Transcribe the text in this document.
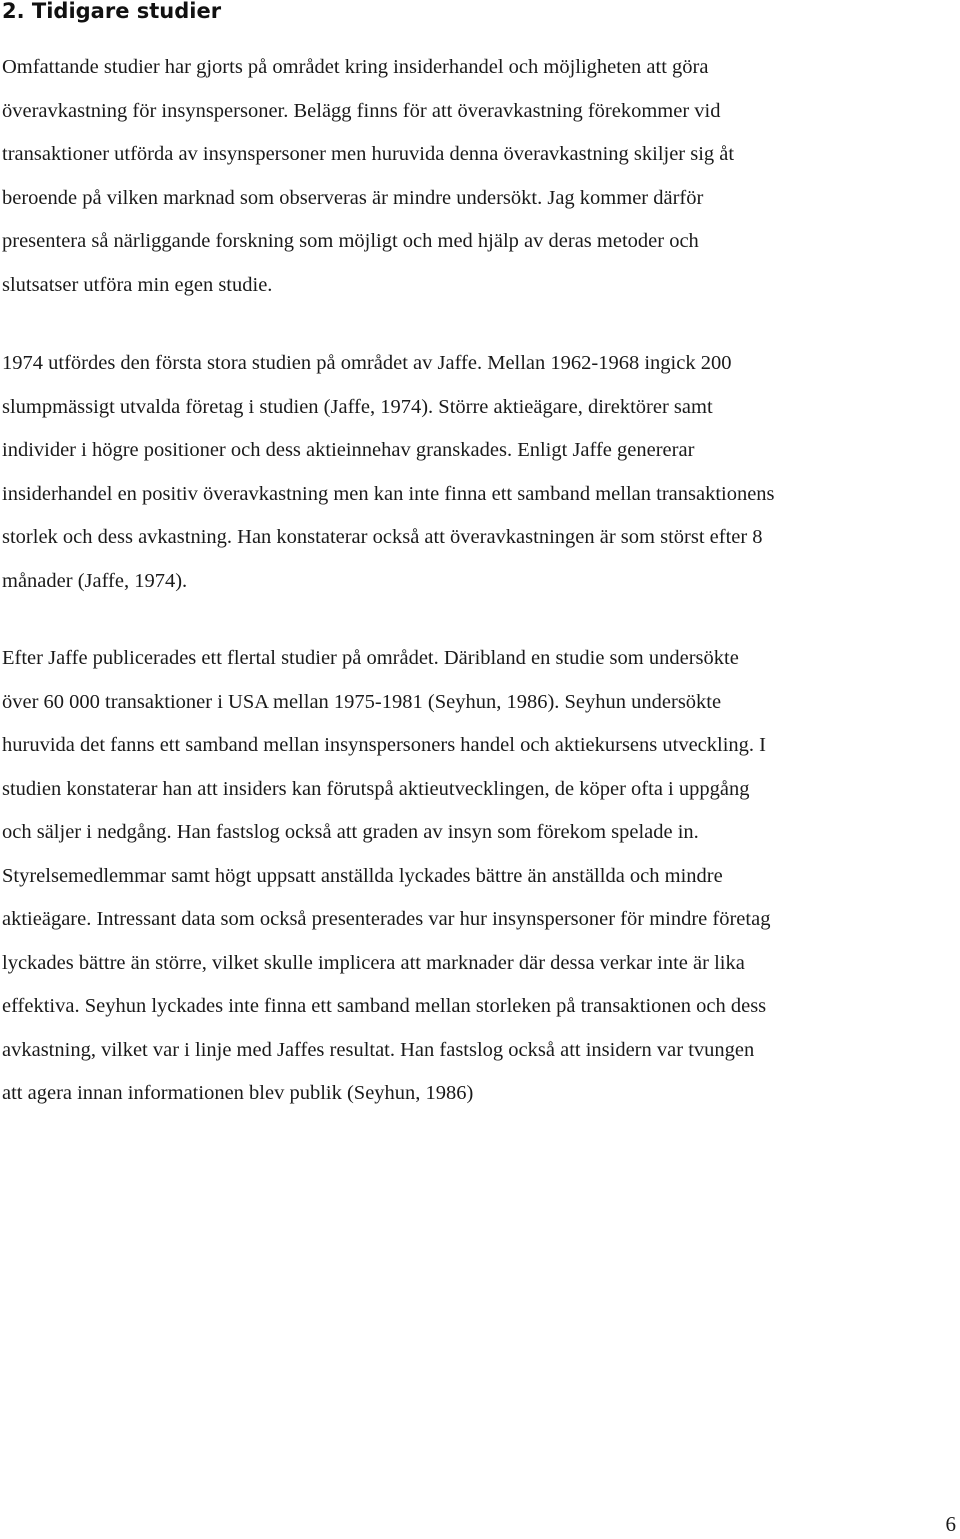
2. Tidigare studier

Omfattande studier har gjorts på området kring insiderhandel och möjligheten att göra
överavkastning för insynspersoner. Belägg finns för att överavkastning förekommer vid
transaktioner utförda av insynspersoner men huruvida denna överavkastning skiljer sig åt
beroende på vilken marknad som observeras är mindre undersökt. Jag kommer därför
presentera så närliggande forskning som möjligt och med hjälp av deras metoder och
slutsatser utföra min egen studie.

1974 utfördes den första stora studien på området av Jaffe. Mellan 1962-1968 ingick 200
slumpmässigt utvalda företag i studien (Jaffe, 1974). Större aktieägare, direktörer samt
individer i högre positioner och dess aktieinnehav granskades. Enligt Jaffe genererar
insiderhandel en positiv överavkastning men kan inte finna ett samband mellan transaktionens
storlek och dess avkastning. Han konstaterar också att överavkastningen är som störst efter 8
månader (Jaffe, 1974).

Efter Jaffe publicerades ett flertal studier på området. Däribland en studie som undersökte
över 60 000 transaktioner i USA mellan 1975-1981 (Seyhun, 1986). Seyhun undersökte
huruvida det fanns ett samband mellan insynspersoners handel och aktiekursens utveckling. I
studien konstaterar han att insiders kan förutspå aktieutvecklingen, de köper ofta i uppgång
och säljer i nedgång. Han fastslog också att graden av insyn som förekom spelade in.
Styrelsemedlemmar samt högt uppsatt anställda lyckades bättre än anställda och mindre
aktieägare. Intressant data som också presenterades var hur insynspersoner för mindre företag
lyckades bättre än större, vilket skulle implicera att marknader där dessa verkar inte är lika
effektiva. Seyhun lyckades inte finna ett samband mellan storleken på transaktionen och dess
avkastning, vilket var i linje med Jaffes resultat. Han fastslog också att insidern var tvungen
att agera innan informationen blev publik (Seyhun, 1986)

6
